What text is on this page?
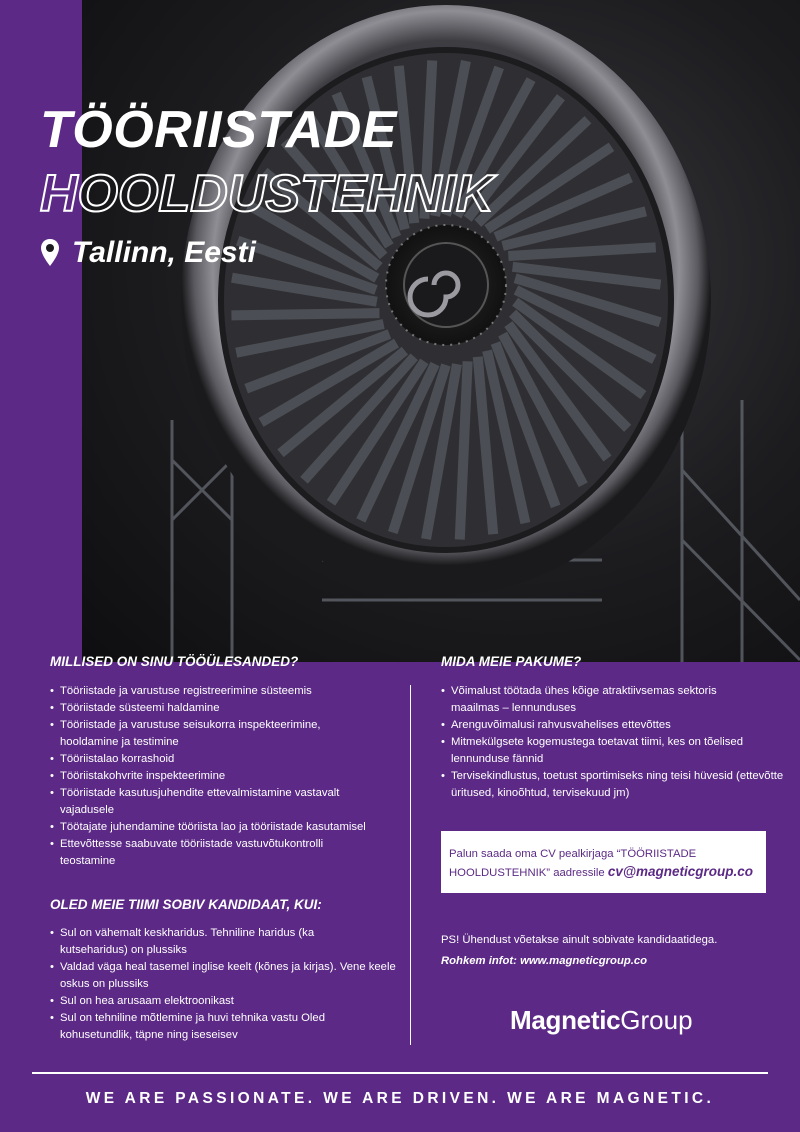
TÖÖRIISTADE
HOOLDUSTEHNIK
Tallinn, Eesti
MILLISED ON SINU TÖÖÜLESANDED?
• Tööriistade ja varustuse registreerimine süsteemis
• Tööriistade süsteemi haldamine
• Tööriistade ja varustuse seisukorra inspekteerimine, hooldamine ja testimine
• Tööriistalao korrashoid
• Tööriistakohvrite inspekteerimine
• Tööriistade kasutusjuhendite ettevalmistamine vastavalt vajadusele
• Töötajate juhendamine tööriista lao ja tööriistade kasutamisel
• Ettevõttesse saabuvate tööriistade vastuvõtukontrolli teostamine
OLED MEIE TIIMI SOBIV KANDIDAAT, KUI:
• Sul on vähemalt keskharidus. Tehniline haridus (ka kutseharidus) on plussiks
• Valdad väga heal tasemel inglise keelt (kõnes ja kirjas). Vene keele oskus on plussiks
• Sul on hea arusaam elektroonikast
• Sul on tehniline mõtlemine ja huvi tehnika vastu Oled kohusetundlik, täpne ning iseseisev
MIDA MEIE PAKUME?
• Võimalust töötada ühes kõige atraktiivsemas sektoris maailmas – lennunduses
• Arenguvõimalusi rahvusvahelises ettevõttes
• Mitmekülgsete kogemustega toetavat tiimi, kes on tõelised lennunduse fännid
• Tervisekindlustus, toetust sportimiseks ning teisi hüvesid (ettevõtte üritused, kinoõhtud, tervisekuud jm)
Palun saada oma CV pealkirjaga “TÖÖRIISTADE HOOLDUSTEHNIK” aadressile cv@magneticgroup.co
PS! Ühendust võetakse ainult sobivate kandidaatidega.
Rohkem infot: www.magneticgroup.co
Magnetic Group
WE ARE PASSIONATE. WE ARE DRIVEN. WE ARE MAGNETIC.
